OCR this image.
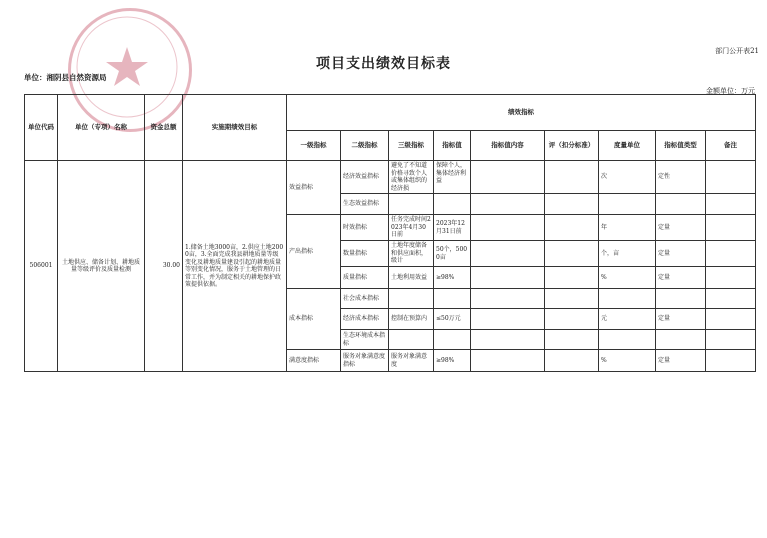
部门公开表21
项目支出绩效目标表
单位：湘阴县自然资源局
金额单位：万元
单位代码	单位（专项）名称	资金总额	实施期绩效目标	绩效指标								
				一级指标	二级指标	三级指标	指标值	指标值内容	评（扣分标准）	度量单位	指标值类型	备注
506001	土地供应、储备计划、耕地质量等级评价及质量检测	30.00	1.储备土地3000亩，2.供应土地2000亩，3.全面完成我县耕地质量等级变化及耕地质量建设引起的耕地质量等别变化情况，服务于土地管理的日常工作，并为制定相关的耕地保护政策提供依据。	效益指标	经济效益指标	避免了不知道价格寻致个人或集体组织的经济损	保障个人，集体经济利益			次	定性	
					生态效益指标							
				产出指标	时效指标	任务完成时间2023年4月30日前	2023年12月31日前			年	定量	
					数量指标	土地年度储备和供应面积，级计	50个，5000亩			个，亩	定量	
					质量指标	土地利用效益	≥98%			%	定量	
				成本指标	社会成本指标							
					经济成本指标	控制在预算内	≤50万元			元	定量	
					生态环境成本指标							
				满意度指标	服务对象满意度指标	服务对象满意度	≥98%			%	定量	
